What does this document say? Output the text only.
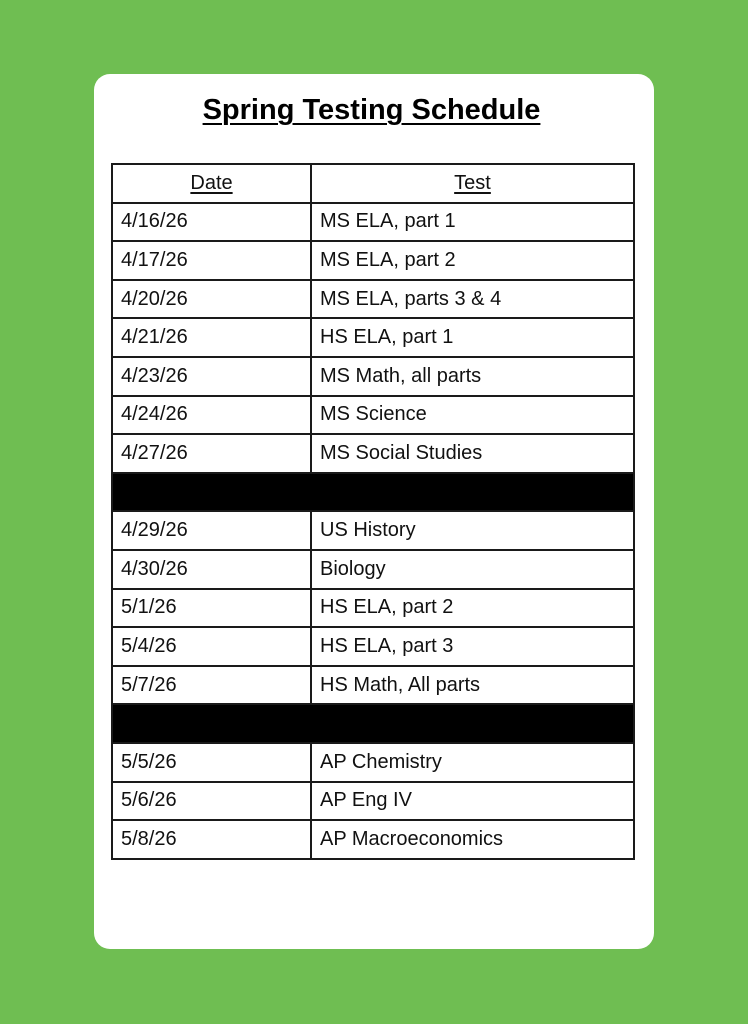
Spring Testing Schedule
Date	Test
4/16/26	MS ELA, part 1
4/17/26	MS ELA, part 2
4/20/26	MS ELA, parts 3 & 4
4/21/26	HS ELA, part 1
4/23/26	MS Math, all parts
4/24/26	MS Science
4/27/26	MS Social Studies

4/29/26	US History
4/30/26	Biology
5/1/26	HS ELA, part 2
5/4/26	HS ELA, part 3
5/7/26	HS Math, All parts

5/5/26	AP Chemistry
5/6/26	AP Eng IV
5/8/26	AP Macroeconomics
